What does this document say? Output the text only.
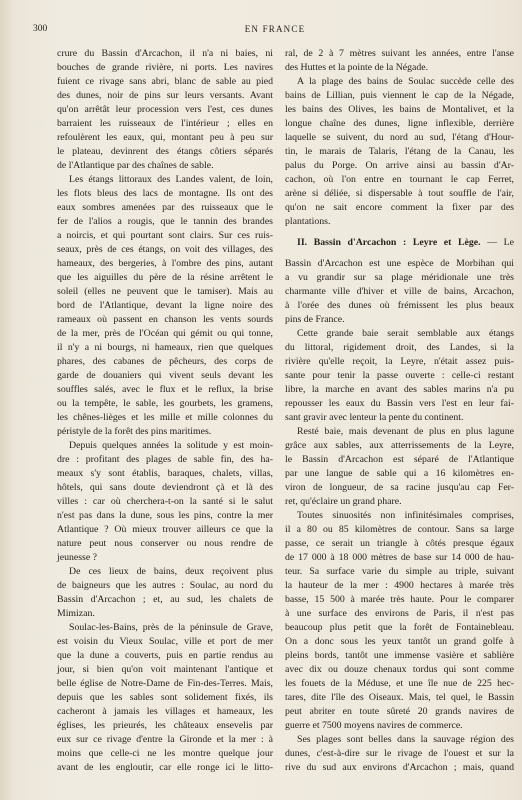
300	EN FRANCE
crure du Bassin d'Arcachon, il n'a ni baies, ni
bouches de grande rivière, ni ports. Les navires
fuient ce rivage sans abri, blanc de sable au pied
des dunes, noir de pins sur leurs versants. Avant
qu'on arrêtât leur procession vers l'est, ces dunes
barraient les ruisseaux de l'intérieur ; elles en
refoulèrent les eaux, qui, montant peu à peu sur
le plateau, devinrent des étangs côtiers séparés
de l'Atlantique par des chaînes de sable.
Les étangs littoraux des Landes valent, de loin,
les flots bleus des lacs de montagne. Ils ont des
eaux sombres amenées par des ruisseaux que le
fer de l'alios a rougis, que le tannin des brandes
a noircis, et qui pourtant sont clairs. Sur ces ruis-
seaux, près de ces étangs, on voit des villages, des
hameaux, des bergeries, à l'ombre des pins, autant
que les aiguilles du père de la résine arrêtent le
soleil (elles ne peuvent que le tamiser). Mais au
bord de l'Atlantique, devant la ligne noire des
rameaux où passent en chanson les vents sourds
de la mer, près de l'Océan qui gémit ou qui tonne,
il n'y a ni bourgs, ni hameaux, rien que quelques
phares, des cabanes de pêcheurs, des corps de
garde de douaniers qui vivent seuls devant les
souffles salés, avec le flux et le reflux, la brise
ou la tempête, le sable, les gourbets, les gramens,
les chênes-lièges et les mille et mille colonnes du
péristyle de la forêt des pins maritimes.
Depuis quelques années la solitude y est moin-
dre : profitant des plages de sable fin, des ha-
meaux s'y sont établis, baraques, chalets, villas,
hôtels, qui sans doute deviendront çà et là des
villes : car où cherchera-t-on la santé si le salut
n'est pas dans la dune, sous les pins, contre la mer
Atlantique ? Où mieux trouver ailleurs ce que la
nature peut nous conserver ou nous rendre de
jeunesse ?
De ces lieux de bains, deux reçoivent plus
de baigneurs que les autres : Soulac, au nord du
Bassin d'Arcachon ; et, au sud, les chalets de
Mimizan.
Soulac-les-Bains, près de la péninsule de Grave,
est voisin du Vieux Soulac, ville et port de mer
que la dune a couverts, puis en partie rendus au
jour, si bien qu'on voit maintenant l'antique et
belle église de Notre-Dame de Fin-des-Terres. Mais,
depuis que les sables sont solidement fixés, ils
cacheront à jamais les villages et hameaux, les
églises, les prieurés, les châteaux ensevelis par
eux sur ce rivage d'entre la Gironde et la mer : à
moins que celle-ci ne les montre quelque jour
avant de les engloutir, car elle ronge ici le litto-
ral, de 2 à 7 mètres suivant les années, entre l'anse
des Huttes et la pointe de la Négade.
A la plage des bains de Soulac succède celle des
bains de Lillian, puis viennent le cap de la Négade,
les bains des Olives, les bains de Montalivet, et la
longue chaîne des dunes, ligne inflexible, derrière
laquelle se suivent, du nord au sud, l'étang d'Hour-
tin, le marais de Talaris, l'étang de la Canau, les
palus du Porge. On arrive ainsi au bassin d'Ar-
cachon, où l'on entre en tournant le cap Ferret,
arène si déliée, si dispersable à tout souffle de l'air,
qu'on ne sait encore comment la fixer par des
plantations.
II. Bassin d'Arcachon : Leyre et Lège. — Le
Bassin d'Arcachon est une espèce de Morbihan qui
a vu grandir sur sa plage méridionale une très
charmante ville d'hiver et ville de bains, Arcachon,
à l'orée des dunes où frémissent les plus beaux
pins de France.
Cette grande baie serait semblable aux étangs
du littoral, rigidement droit, des Landes, si la
rivière qu'elle reçoit, la Leyre, n'était assez puis-
sante pour tenir la passe ouverte : celle-ci restant
libre, la marche en avant des sables marins n'a pu
repousser les eaux du Bassin vers l'est en leur fai-
sant gravir avec lenteur la pente du continent.
Resté baie, mais devenant de plus en plus lagune
grâce aux sables, aux atterrissements de la Leyre,
le Bassin d'Arcachon est séparé de l'Atlantique
par une langue de sable qui a 16 kilomètres en-
viron de longueur, de sa racine jusqu'au cap Fer-
ret, qu'éclaire un grand phare.
Toutes sinuosités non infinitésimales comprises,
il a 80 ou 85 kilomètres de contour. Sans sa large
passe, ce serait un triangle à côtés presque égaux
de 17 000 à 18 000 mètres de base sur 14 000 de hau-
teur. Sa surface varie du simple au triple, suivant
la hauteur de la mer : 4900 hectares à marée très
basse, 15 500 à marée très haute. Pour le comparer
à une surface des environs de Paris, il n'est pas
beaucoup plus petit que la forêt de Fontainebleau.
On a donc sous les yeux tantôt un grand golfe à
pleins bords, tantôt une immense vasière et sablière
avec dix ou douze chenaux tordus qui sont comme
les fouets de la Méduse, et une île nue de 225 hec-
tares, dite l'île des Oiseaux. Mais, tel quel, le Bassin
peut abriter en toute sûreté 20 grands navires de
guerre et 7500 moyens navires de commerce.
Ses plages sont belles dans la sauvage région des
dunes, c'est-à-dire sur le rivage de l'ouest et sur la
rive du sud aux environs d'Arcachon ; mais, quand
